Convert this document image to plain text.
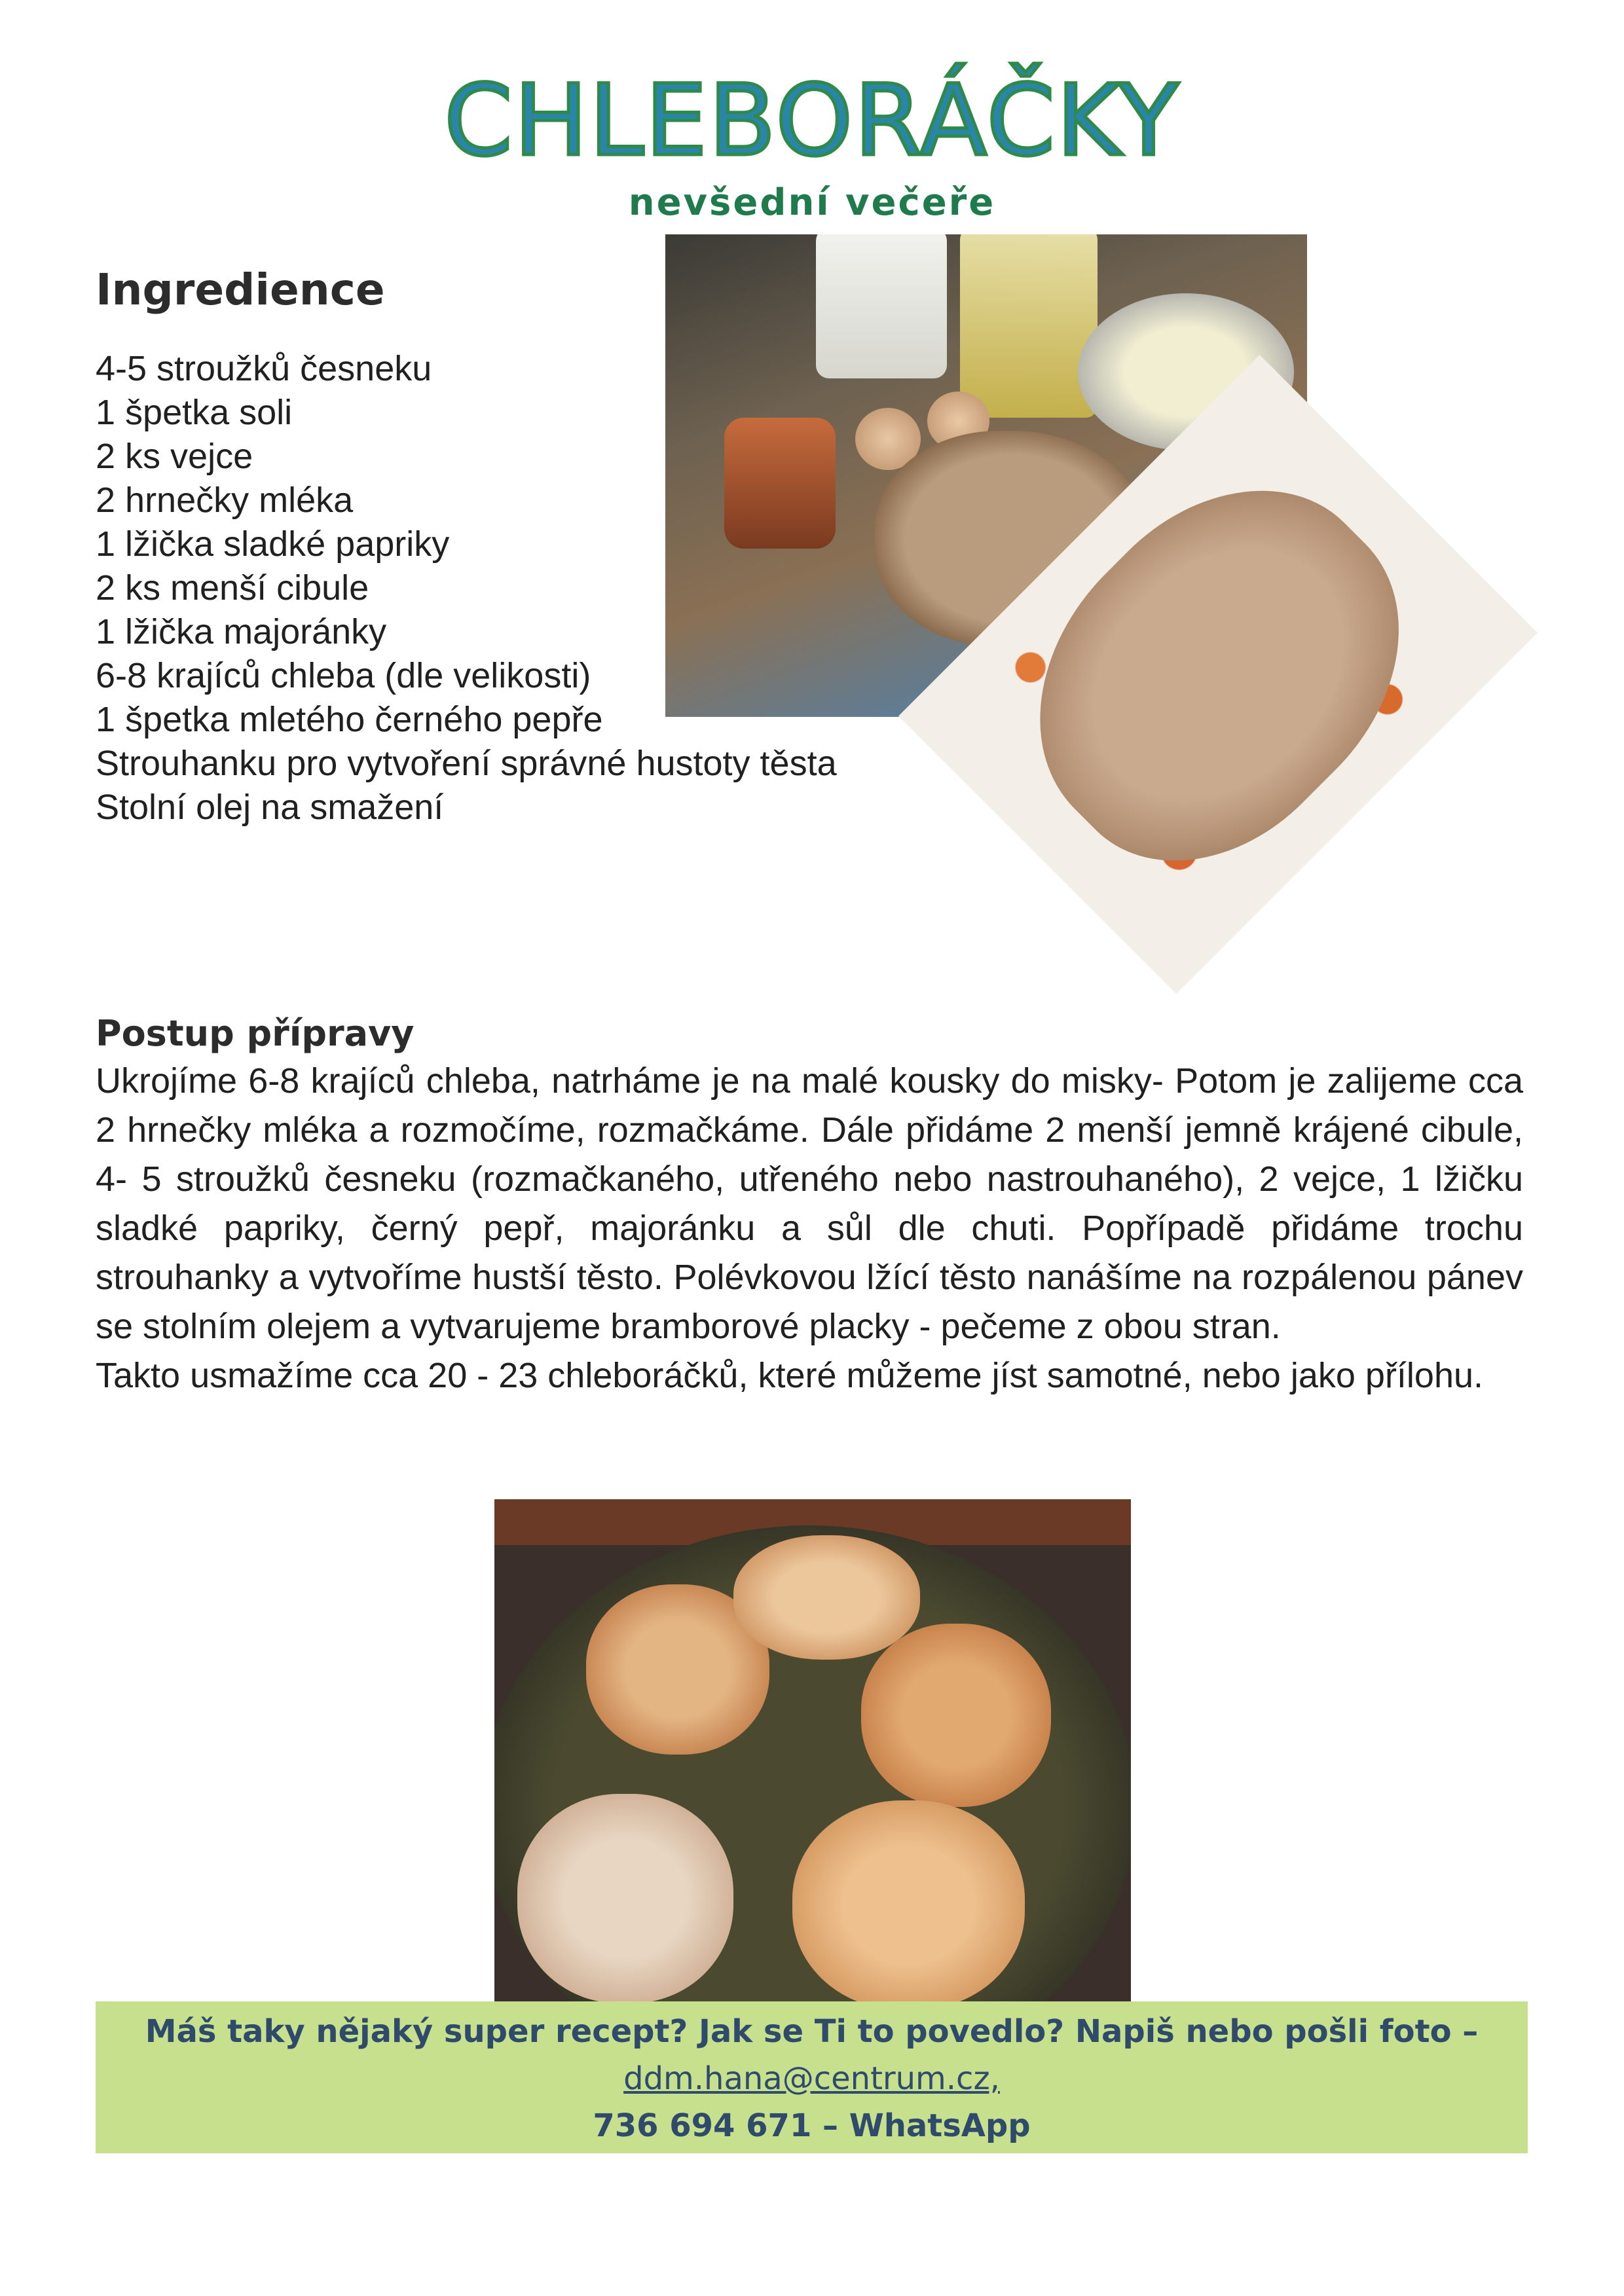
CHLEBORÁČKY
nevšední večeře
Ingredience
4-5 stroužků česneku
1 špetka soli
2 ks vejce
2 hrnečky mléka
1 lžička sladké papriky
2 ks menší cibule
1 lžička majoránky
6-8 krajíců chleba (dle velikosti)
1 špetka mletého černého pepře
Strouhanku pro vytvoření správné hustoty těsta
Stolní olej na smažení
Postup přípravy

Ukrojíme 6-8 krajíců chleba, natrháme je na malé kousky do misky- Potom je zalijeme cca 2 hrnečky mléka a rozmočíme, rozmačkáme. Dále přidáme 2 menší jemně krájené cibule, 4- 5 stroužků česneku (rozmačkaného, utřeného nebo nastrouhaného), 2 vejce, 1 lžičku sladké papriky, černý pepř, majoránku a sůl dle chuti. Popřípadě přidáme trochu strouhanky a vytvoříme hustší těsto. Polévkovou lžící těsto nanášíme na rozpálenou pánev se stolním olejem a vytvarujeme bramborové placky - pečeme z obou stran.

Takto usmažíme cca 20 - 23 chleboráčků, které můžeme jíst samotné, nebo jako přílohu.

Máš taky nějaký super recept? Jak se Ti to povedlo? Napiš nebo pošli foto –
ddm.hana@centrum.cz,
736 694 671 – WhatsApp
